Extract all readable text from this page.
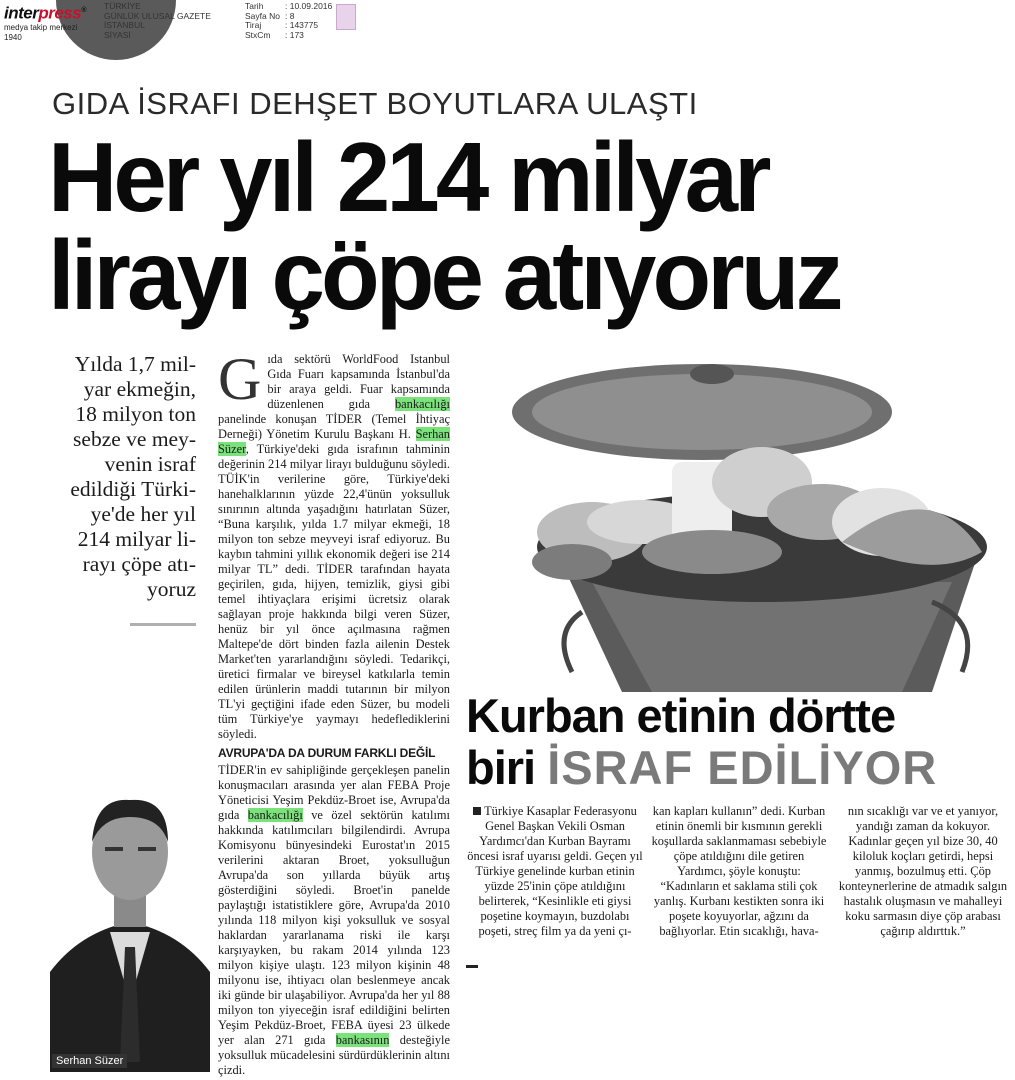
interpress®
medya takip merkezi 1940
TÜRKİYE
GÜNLÜK ULUSAL GAZETE
İSTANBUL
SİYASİ
Tarih	: 10.09.2016
Sayfa No : 8
Tiraj	: 143775
StxCm : 173
GIDA İSRAFI DEHŞET BOYUTLARA ULAŞTI
Her yıl 214 milyar
lirayı çöpe atıyoruz
Yılda 1,7 mil-
yar ekmeğin,
18 milyon ton
sebze ve mey-
venin israf
edildiği Türki-
ye'de her yıl
214 milyar li-
rayı çöpe atı-
yoruz

Gıda sektörü WorldFood Istanbul Gıda Fuarı kapsamında İstanbul'da bir araya geldi. Fuar kapsamında düzenlenen gıda bankacılığı panelinde konuşan TİDER (Temel İhtiyaç Derneği) Yönetim Kurulu Başkanı H. Serhan Süzer, Türkiye'deki gıda israfının tahminin değerinin 214 milyar lirayı bulduğunu söyledi. TÜİK'in verilerine göre, Türkiye'deki hanehalklarının yüzde 22,4'ünün yoksulluk sınırının altında yaşadığını hatırlatan Süzer, “Buna karşılık, yılda 1.7 milyar ekmeği, 18 milyon ton sebze meyveyi israf ediyoruz. Bu kaybın tahmini yıllık ekonomik değeri ise 214 milyar TL” dedi. TİDER tarafından hayata geçirilen, gıda, hijyen, temizlik, giysi gibi temel ihtiyaçlara erişimi ücretsiz olarak sağlayan proje hakkında bilgi veren Süzer, henüz bir yıl önce açılmasına rağmen Maltepe'de dört binden fazla ailenin Destek Market'ten yararlandığını söyledi. Tedarikçi, üretici firmalar ve bireysel katkılarla temin edilen ürünlerin maddi tutarının bir milyon TL'yi geçtiğini ifade eden Süzer, bu modeli tüm Türkiye'ye yaymayı hedeflediklerini söyledi.

AVRUPA'DA DA DURUM FARKLI DEĞİL

TİDER'in ev sahipliğinde gerçekleşen panelin konuşmacıları arasında yer alan FEBA Proje Yöneticisi Yeşim Pekdüz-Broet ise, Avrupa'da gıda bankacılığı ve özel sektörün katılımı hakkında katılımcıları bilgilendirdi. Avrupa Komisyonu bünyesindeki Eurostat'ın 2015 verilerini aktaran Broet, yoksulluğun Avrupa'da son yıllarda büyük artış gösterdiğini söyledi. Broet'in panelde paylaştığı istatistiklere göre, Avrupa'da 2010 yılında 118 milyon kişi yoksulluk ve sosyal haklardan yararlanama riski ile karşı karşıyayken, bu rakam 2014 yılında 123 milyon kişiye ulaştı. 123 milyon kişinin 48 milyonu ise, ihtiyacı olan beslenmeye ancak iki günde bir ulaşabiliyor. Avrupa'da her yıl 88 milyon ton yiyeceğin israf edildiğini belirten Yeşim Pekdüz-Broet, FEBA üyesi 23 ülkede yer alan 271 gıda bankasının desteğiyle yoksulluk mücadelesini sürdürdüklerinin altını çizdi.

Kurban etinin dörtte
biri İSRAF EDİLİYOR
Türkiye Kasaplar Federasyonu Genel Başkan Vekili Osman Yardımcı'dan Kurban Bayramı öncesi israf uyarısı geldi. Geçen yıl Türkiye genelinde kurban etinin yüzde 25'inin çöpe atıldığını belirterek, “Kesinlikle eti giysi poşetine koymayın, buzdolabı poşeti, streç film ya da yeni çı-
kan kapları kullanın” dedi. Kurban etinin önemli bir kısmının gerekli koşullarda saklanmaması sebebiyle çöpe atıldığını dile getiren Yardımcı, şöyle konuştu: “Kadınların et saklama stili çok yanlış. Kurbanı kestikten sonra iki poşete koyuyorlar, ağzını da bağlıyorlar. Etin sıcaklığı, hava-
nın sıcaklığı var ve et yanıyor, yandığı zaman da kokuyor. Kadınlar geçen yıl bize 30, 40 kiloluk koçları getirdi, hepsi yanmış, bozulmuş etti. Çöp konteynerlerine de atmadık salgın hastalık oluşmasın ve mahalleyi koku sarmasın diye çöp arabası çağırıp aldırttık.”
Serhan Süzer
